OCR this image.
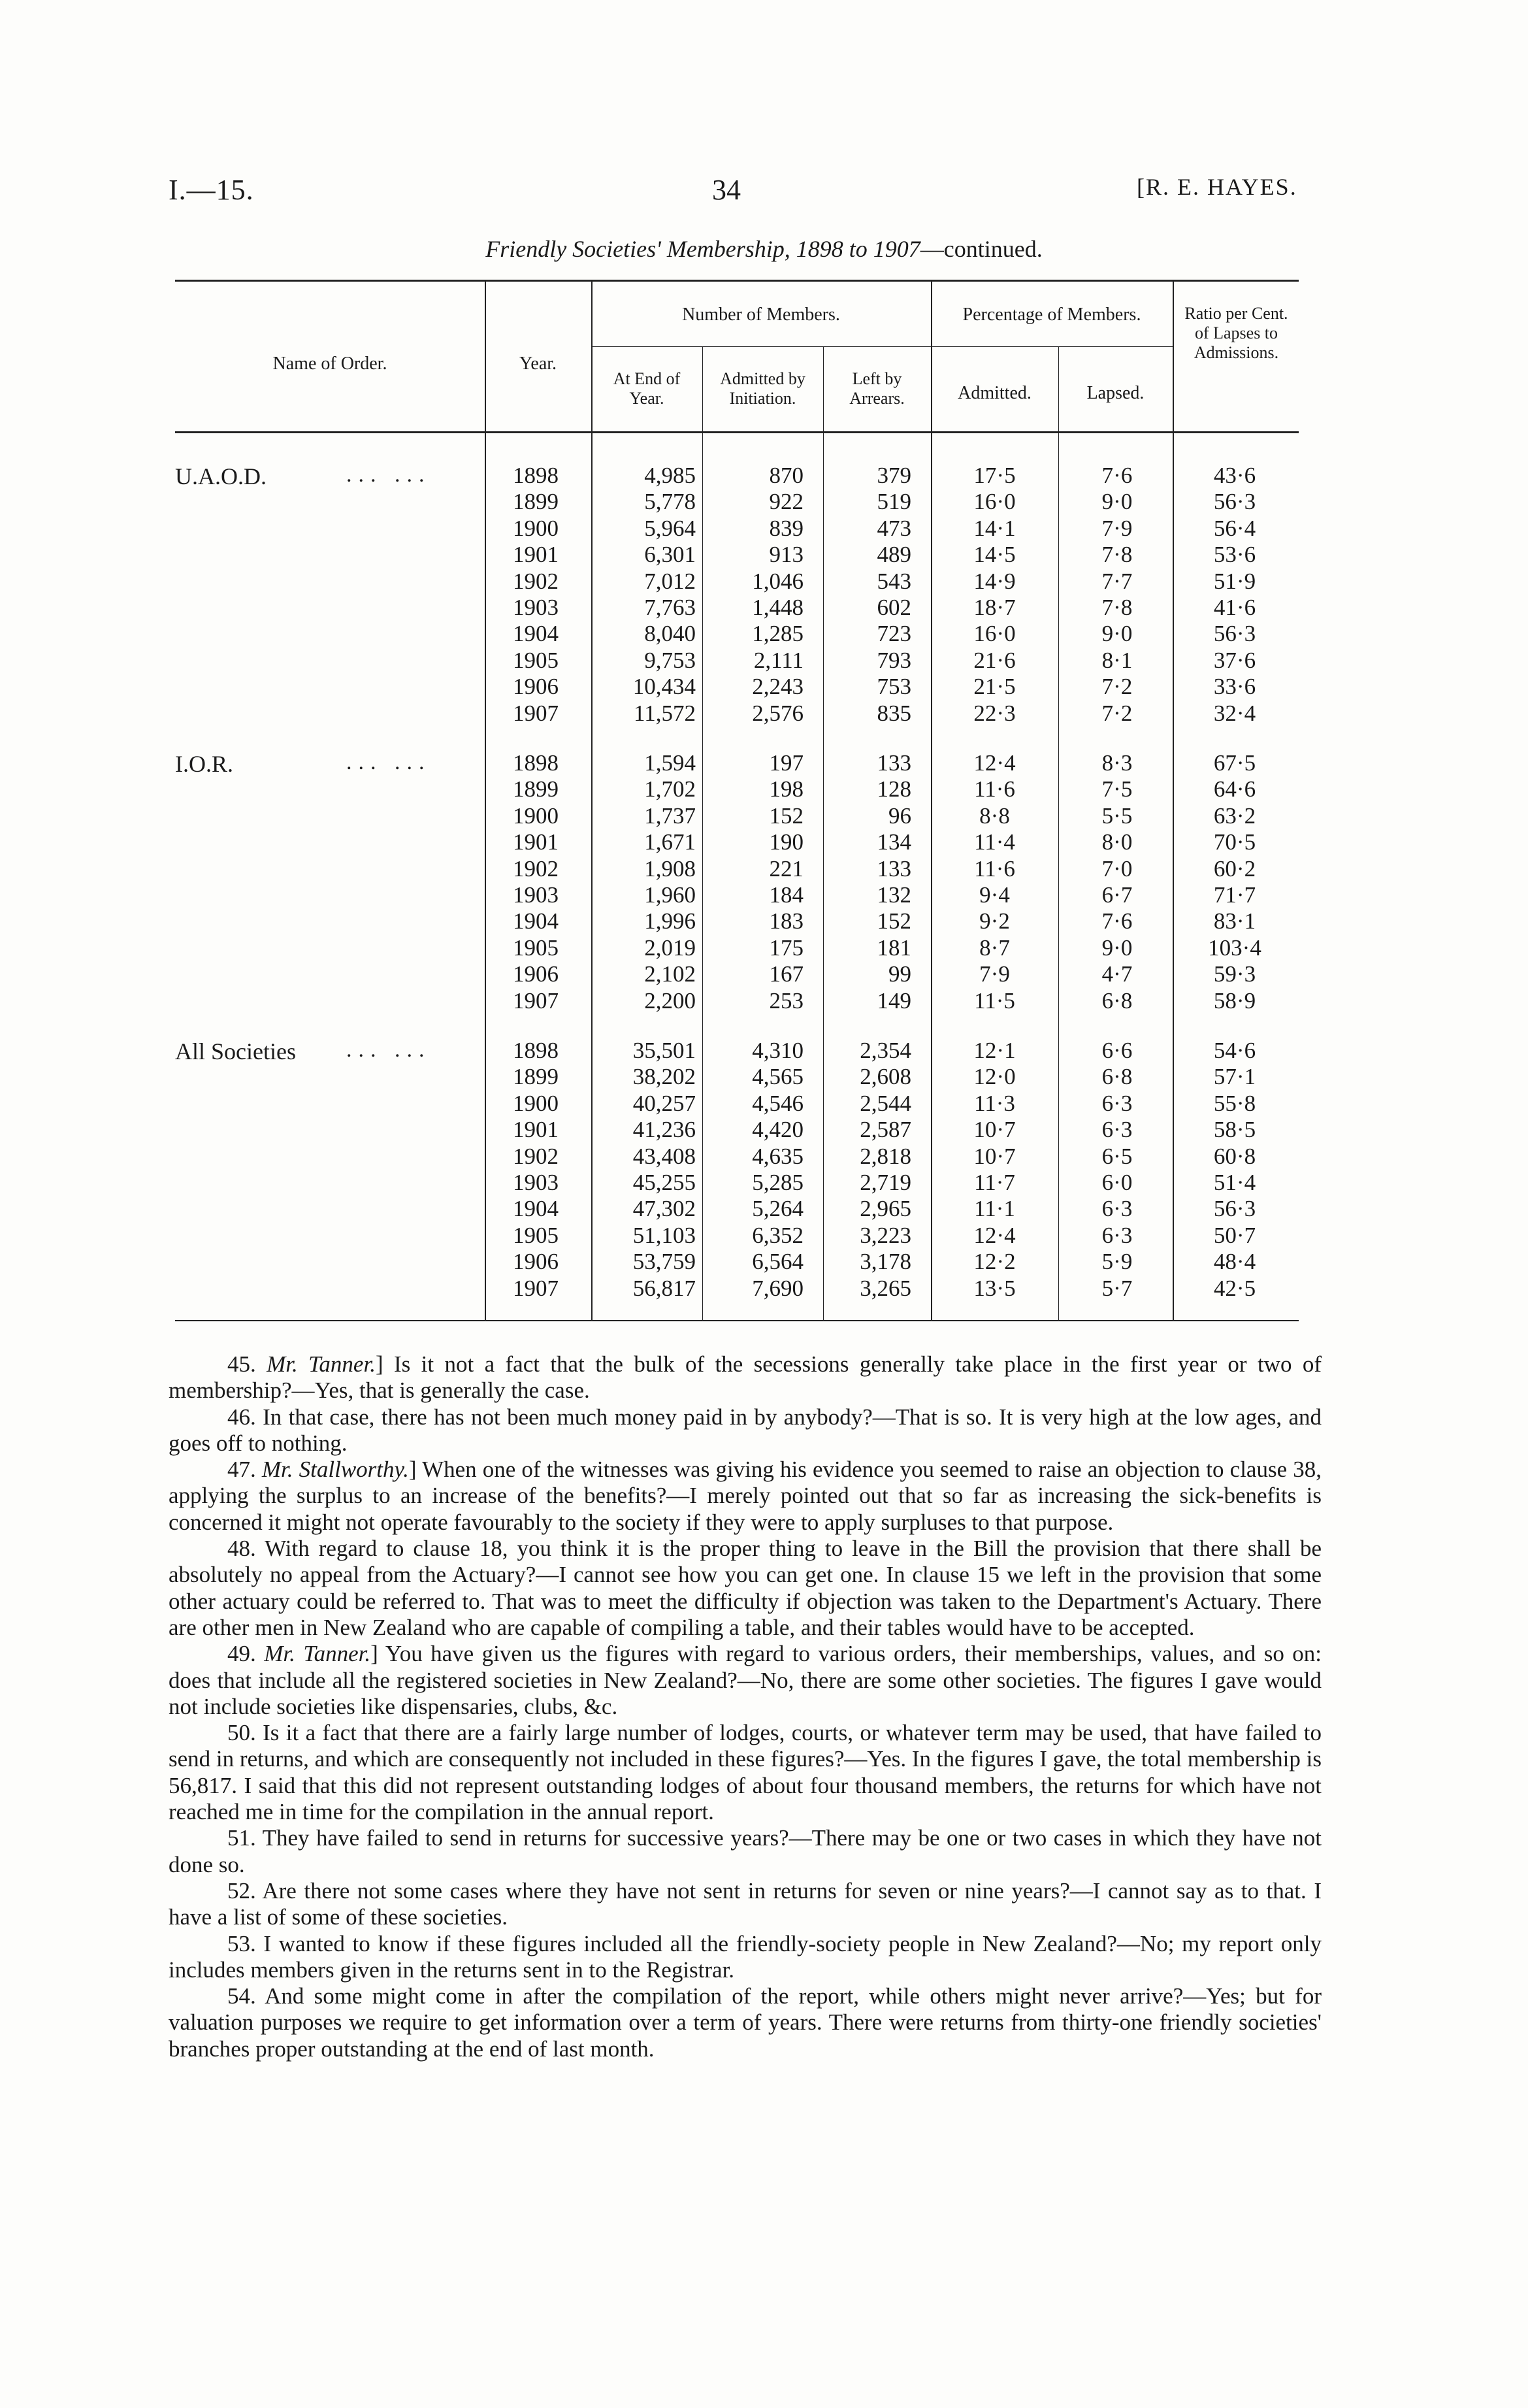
I.—15.	34	[R. E. HAYES.
Friendly Societies' Membership, 1898 to 1907—continued.
Name of Order.	Year.
Number of Members.
At End of Year.
Admitted by Initiation.
Left by Arrears.
Percentage of Members.
Admitted.	Lapsed.
Ratio per Cent. of Lapses to Admissions.
U.A.O.D.	... ...	1898	4,985	870	379	17·5	7·6	43·6
1899	5,778	922	519	16·0	9·0	56·3
1900	5,964	839	473	14·1	7·9	56·4
1901	6,301	913	489	14·5	7·8	53·6
1902	7,012	1,046	543	14·9	7·7	51·9
1903	7,763	1,448	602	18·7	7·8	41·6
1904	8,040	1,285	723	16·0	9·0	56·3
1905	9,753	2,111	793	21·6	8·1	37·6
1906	10,434	2,243	753	21·5	7·2	33·6
1907	11,572	2,576	835	22·3	7·2	32·4
I.O.R.	... ...	1898	1,594	197	133	12·4	8·3	67·5
1899	1,702	198	128	11·6	7·5	64·6
1900	1,737	152	96	8·8	5·5	63·2
1901	1,671	190	134	11·4	8·0	70·5
1902	1,908	221	133	11·6	7·0	60·2
1903	1,960	184	132	9·4	6·7	71·7
1904	1,996	183	152	9·2	7·6	83·1
1905	2,019	175	181	8·7	9·0	103·4
1906	2,102	167	99	7·9	4·7	59·3
1907	2,200	253	149	11·5	6·8	58·9
All Societies ... ...	1898	35,501	4,310	2,354	12·1	6·6	54·6
1899	38,202	4,565	2,608	12·0	6·8	57·1
1900	40,257	4,546	2,544	11·3	6·3	55·8
1901	41,236	4,420	2,587	10·7	6·3	58·5
1902	43,408	4,635	2,818	10·7	6·5	60·8
1903	45,255	5,285	2,719	11·7	6·0	51·4
1904	47,302	5,264	2,965	11·1	6·3	56·3
1905	51,103	6,352	3,223	12·4	6·3	50·7
1906	53,759	6,564	3,178	12·2	5·9	48·4
1907	56,817	7,690	3,265	13·5	5·7	42·5

45. Mr. Tanner.] Is it not a fact that the bulk of the secessions generally take place in the first year or two of membership?—Yes, that is generally the case.

46. In that case, there has not been much money paid in by anybody?—That is so. It is very high at the low ages, and goes off to nothing.

47. Mr. Stallworthy.] When one of the witnesses was giving his evidence you seemed to raise an objection to clause 38, applying the surplus to an increase of the benefits?—I merely pointed out that so far as increasing the sick-benefits is concerned it might not operate favourably to the society if they were to apply surpluses to that purpose.

48. With regard to clause 18, you think it is the proper thing to leave in the Bill the provision that there shall be absolutely no appeal from the Actuary?—I cannot see how you can get one. In clause 15 we left in the provision that some other actuary could be referred to. That was to meet the difficulty if objection was taken to the Department's Actuary. There are other men in New Zealand who are capable of compiling a table, and their tables would have to be accepted.

49. Mr. Tanner.] You have given us the figures with regard to various orders, their memberships, values, and so on: does that include all the registered societies in New Zealand?—No, there are some other societies. The figures I gave would not include societies like dispensaries, clubs, &c.

50. Is it a fact that there are a fairly large number of lodges, courts, or whatever term may be used, that have failed to send in returns, and which are consequently not included in these figures?—Yes. In the figures I gave, the total membership is 56,817. I said that this did not represent outstanding lodges of about four thousand members, the returns for which have not reached me in time for the compilation in the annual report.

51. They have failed to send in returns for successive years?—There may be one or two cases in which they have not done so.

52. Are there not some cases where they have not sent in returns for seven or nine years?—I cannot say as to that. I have a list of some of these societies.

53. I wanted to know if these figures included all the friendly-society people in New Zealand?—No; my report only includes members given in the returns sent in to the Registrar.

54. And some might come in after the compilation of the report, while others might never arrive?—Yes; but for valuation purposes we require to get information over a term of years. There were returns from thirty-one friendly societies' branches proper outstanding at the end of last month.
